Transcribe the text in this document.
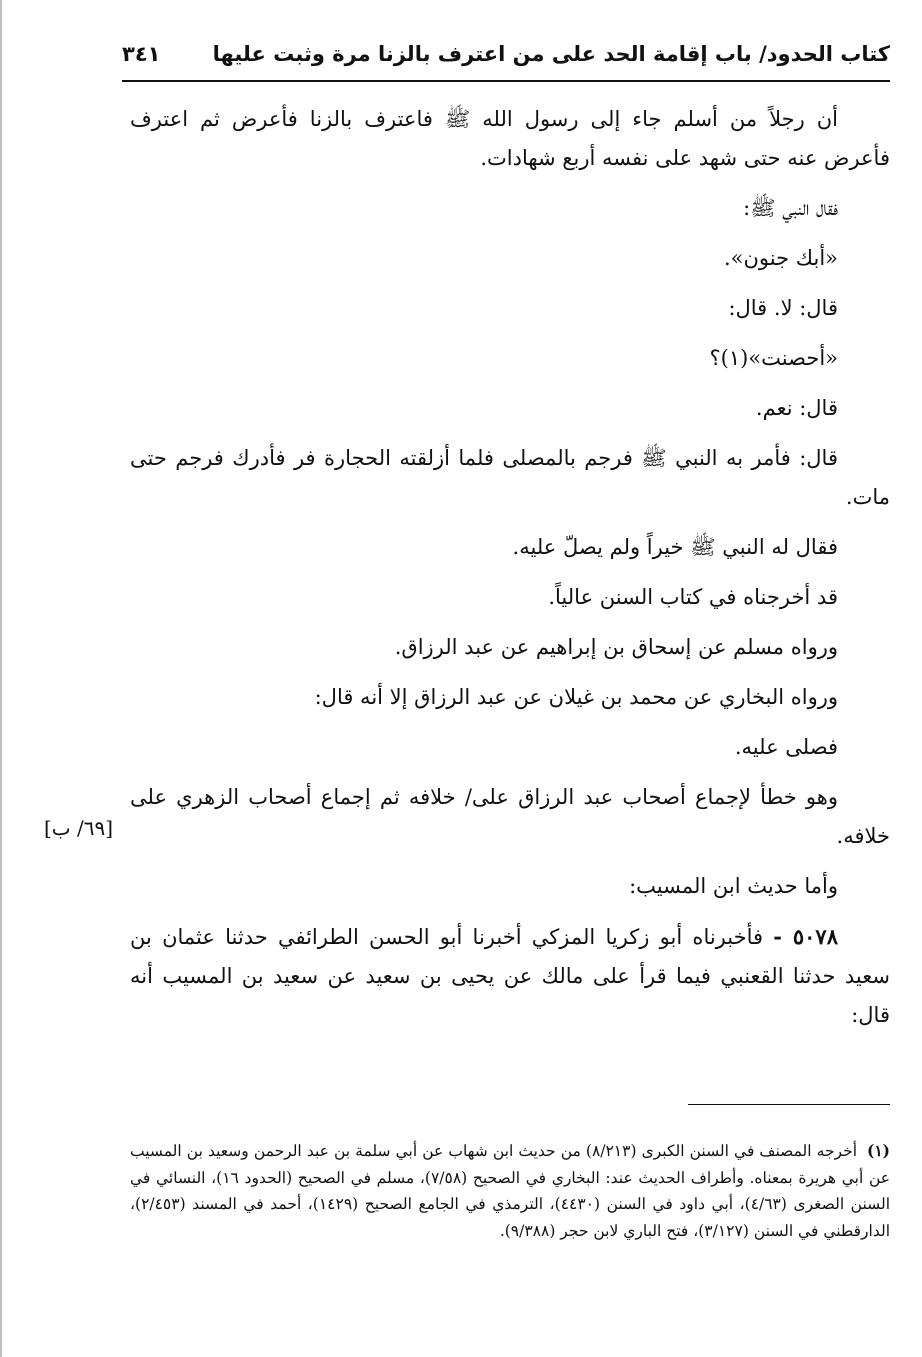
كتاب الحدود/ باب إقامة الحد على من اعترف بالزنا مرة وثبت عليها
٣٤١

أن رجلاً من أسلم جاء إلى رسول الله ﷺ فاعترف بالزنا فأعرض ثم اعترف فأعرض عنه حتى شهد على نفسه أربع شهادات.

فقال النبي ﷺ:

«أبك جنون».

قال: لا. قال:

«أحصنت»(١)؟

قال: نعم.

قال: فأمر به النبي ﷺ فرجم بالمصلى فلما أزلقته الحجارة فر فأدرك فرجم حتى مات.

فقال له النبي ﷺ خيراً ولم يصلّ عليه.

قد أخرجناه في كتاب السنن عالياً.

ورواه مسلم عن إسحاق بن إبراهيم عن عبد الرزاق.

ورواه البخاري عن محمد بن غيلان عن عبد الرزاق إلا أنه قال:

فصلى عليه.

وهو خطأ لإجماع أصحاب عبد الرزاق على/ خلافه ثم إجماع أصحاب الزهري على خلافه.

وأما حديث ابن المسيب:

٥٠٧٨ - فأخبرناه أبو زكريا المزكي أخبرنا أبو الحسن الطرائفي حدثنا عثمان بن سعيد حدثنا القعنبي فيما قرأ على مالك عن يحيى بن سعيد عن سعيد بن المسيب أنه قال:

[٦٩/ ب]
(١)أخرجه المصنف في السنن الكبرى (٨/٢١٣) من حديث ابن شهاب عن أبي سلمة بن عبد الرحمن وسعيد بن المسيب عن أبي هريرة بمعناه. وأطراف الحديث عند: البخاري في الصحيح (٧/٥٨)، مسلم في الصحيح (الحدود ١٦)، النسائي في السنن الصغرى (٤/٦٣)، أبي داود في السنن (٤٤٣٠)، الترمذي في الجامع الصحيح (١٤٢٩)، أحمد في المسند (٢/٤٥٣)، الدارقطني في السنن (٣/١٢٧)، فتح الباري لابن حجر (٩/٣٨٨).
